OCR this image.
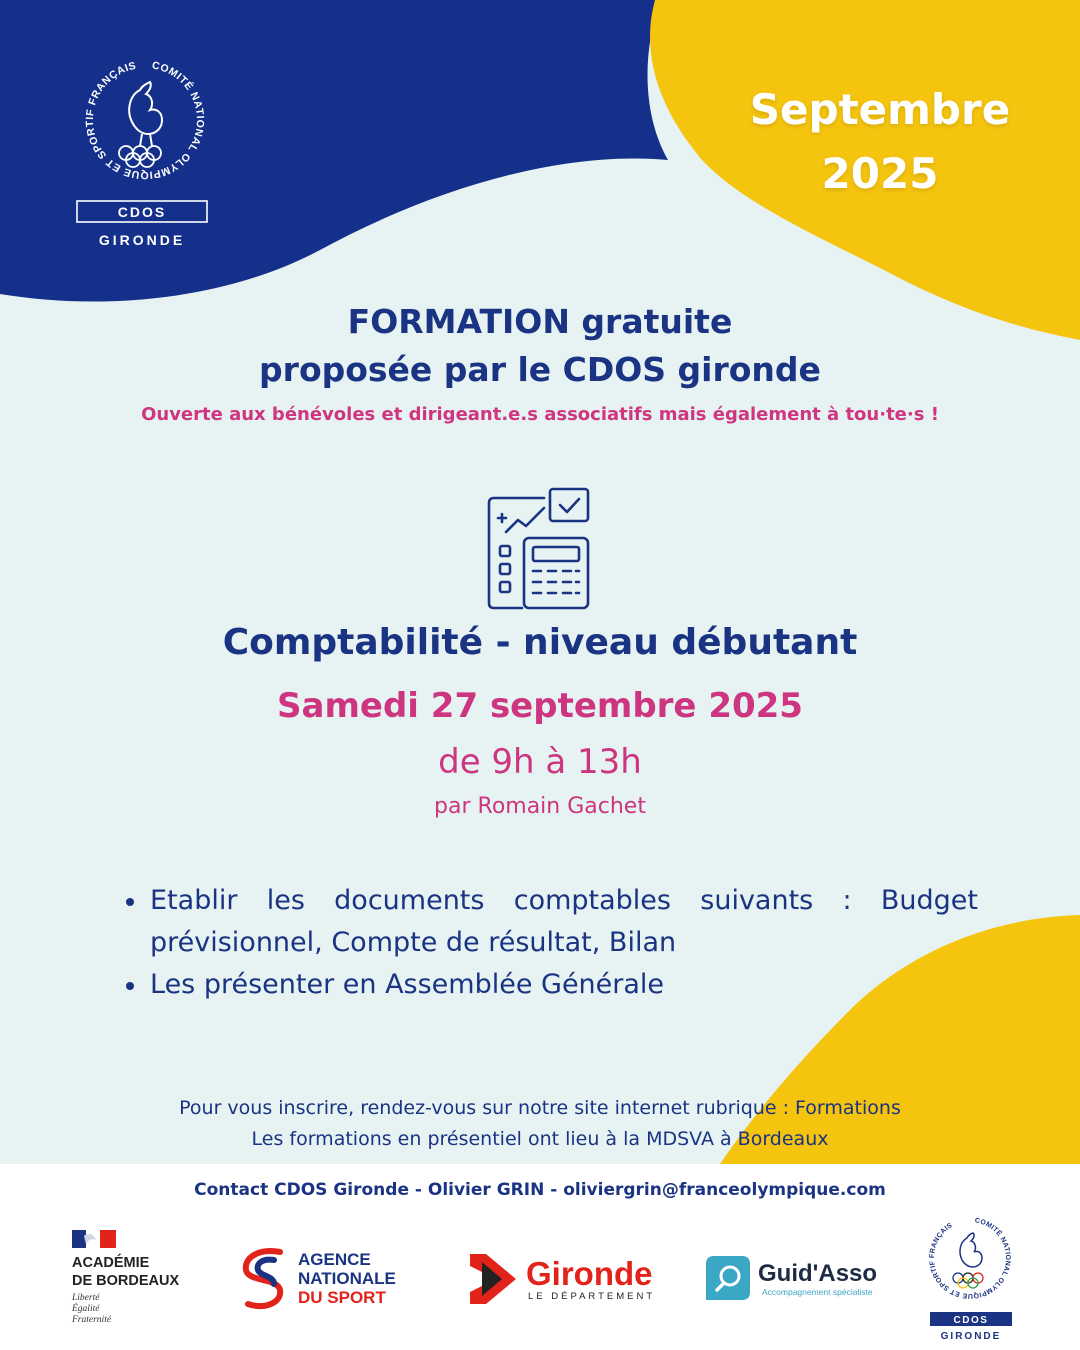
COMITÉ NATIONAL OLYMPIQUE ET SPORTIF FRANÇAIS
CDOS
GIRONDE
Septembre
2025
FORMATION gratuite
proposée par le CDOS gironde
Ouverte aux bénévoles et dirigeant.e.s associatifs mais également à tou·te·s !
Comptabilité - niveau débutant
Samedi 27 septembre 2025
de 9h à 13h
par Romain Gachet
Etablir les documents comptables suivants : Budget prévisionnel, Compte de résultat, Bilan
Les présenter en Assemblée Générale
Pour vous inscrire, rendez-vous sur notre site internet rubrique : Formations
Les formations en présentiel ont lieu à la MDSVA à Bordeaux
Contact CDOS Gironde - Olivier GRIN - oliviergrin@franceolympique.com
ACADÉMIE
DE BORDEAUX
Liberté
Égalité
Fraternité
AGENCE
NATIONALE
DU SPORT
Gironde
LE DÉPARTEMENT
Guid'Asso
Accompagnement spécialiste
COMITÉ NATIONAL OLYMPIQUE ET SPORTIF FRANÇAIS
CDOS
GIRONDE
